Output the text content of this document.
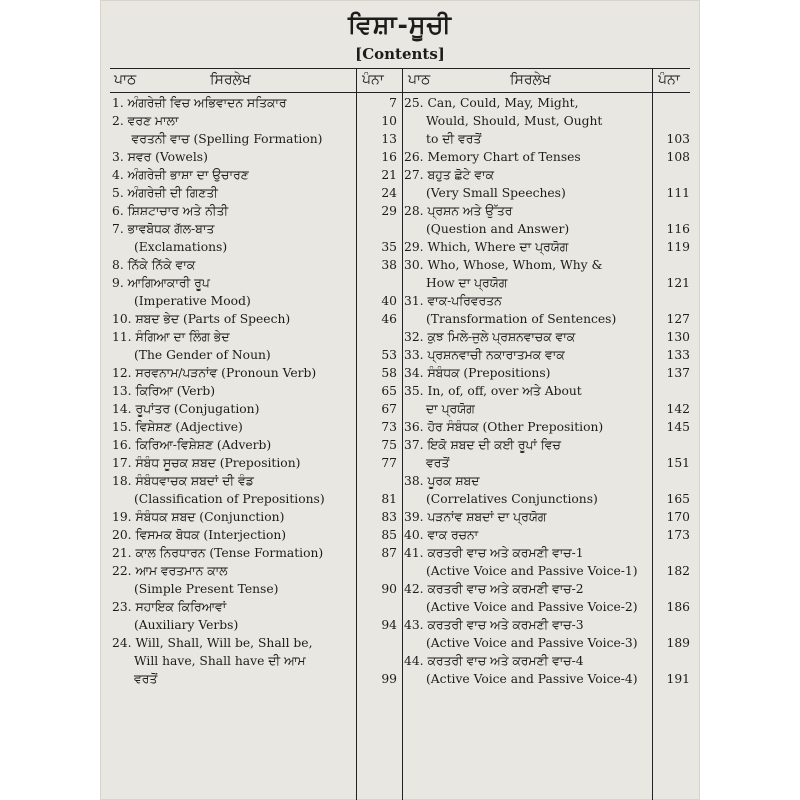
ਵਿਸ਼ਾ-ਸੂਚੀ
[Contents]
ਪਾਠ	ਸਿਰਲੇਖ	ਪੰਨਾ ਪਾਠ	ਸਿਰਲੇਖ	ਪੰਨਾ
1. ਅੰਗਰੇਜ਼ੀ ਵਿਚ ਅਭਿਵਾਦਨ ਸਤਿਕਾਰ	7
2. ਵਰਣ ਮਾਲਾ	10
ਵਰਤਨੀ ਵਾਚ (Spelling Formation)	13
3. ਸਵਰ (Vowels)	16
4. ਅੰਗਰੇਜ਼ੀ ਭਾਸ਼ਾ ਦਾ ਉਚਾਰਣ	21
5. ਅੰਗਰੇਜ਼ੀ ਦੀ ਗਿਣਤੀ	24
6. ਸ਼ਿਸ਼ਟਾਚਾਰ ਅਤੇ ਨੀਤੀ	29
7. ਭਾਵਬੋਧਕ ਗੱਲ-ਬਾਤ
(Exclamations)	35
8. ਨਿੱਕੇ ਨਿੱਕੇ ਵਾਕ	38
9. ਆਗਿਆਕਾਰੀ ਰੂਪ
(Imperative Mood)	40
10. ਸ਼ਬਦ ਭੇਦ (Parts of Speech)	46
11. ਸੰਗਿਆ ਦਾ ਲਿੰਗ ਭੇਦ
(The Gender of Noun)	53
12. ਸਰਵਨਾਮ/ਪੜਨਾਂਵ (Pronoun Verb)	58
13. ਕਿਰਿਆ (Verb)	65
14. ਰੂਪਾਂਤਰ (Conjugation)	67
15. ਵਿਸ਼ੇਸ਼ਣ (Adjective)	73
16. ਕਿਰਿਆ-ਵਿਸ਼ੇਸ਼ਣ (Adverb)	75
17. ਸੰਬੰਧ ਸੂਚਕ ਸ਼ਬਦ (Preposition)	77
18. ਸੰਬੰਧਵਾਚਕ ਸ਼ਬਦਾਂ ਦੀ ਵੰਡ
(Classification of Prepositions)	81
19. ਸੰਬੰਧਕ ਸ਼ਬਦ (Conjunction)	83
20. ਵਿਸਮਕ ਬੋਧਕ (Interjection)	85
21. ਕਾਲ ਨਿਰਧਾਰਨ (Tense Formation)	87
22. ਆਮ ਵਰਤਮਾਨ ਕਾਲ
(Simple Present Tense)	90
23. ਸਹਾਇਕ ਕਿਰਿਆਵਾਂ
(Auxiliary Verbs)	94
24. Will, Shall, Will be, Shall be,
Will have, Shall have ਦੀ ਆਮ
ਵਰਤੋਂ	99
25. Can, Could, May, Might,
Would, Should, Must, Ought
to ਦੀ ਵਰਤੋਂ	103
26. Memory Chart of Tenses	108
27. ਬਹੁਤ ਛੋਟੇ ਵਾਕ
(Very Small Speeches)	111
28. ਪ੍ਰਸ਼ਨ ਅਤੇ ਉੱਤਰ
(Question and Answer)	116
29. Which, Where ਦਾ ਪ੍ਰਯੋਗ	119
30. Who, Whose, Whom, Why &
How ਦਾ ਪ੍ਰਯੋਗ	121
31. ਵਾਕ-ਪਰਿਵਰਤਨ
(Transformation of Sentences)	127
32. ਕੁਝ ਮਿਲੇ-ਜੁਲੇ ਪ੍ਰਸ਼ਨਵਾਚਕ ਵਾਕ	130
33. ਪ੍ਰਸ਼ਨਵਾਚੀ ਨਕਾਰਾਤਮਕ ਵਾਕ	133
34. ਸੰਬੰਧਕ (Prepositions)	137
35. In, of, off, over ਅਤੇ About
ਦਾ ਪ੍ਰਯੋਗ	142
36. ਹੋਰ ਸੰਬੰਧਕ (Other Preposition)	145
37. ਇਕੋ ਸ਼ਬਦ ਦੀ ਕਈ ਰੂਪਾਂ ਵਿਚ
ਵਰਤੋਂ	151
38. ਪੂਰਕ ਸ਼ਬਦ
(Correlatives Conjunctions)	165
39. ਪੜਨਾਂਵ ਸ਼ਬਦਾਂ ਦਾ ਪ੍ਰਯੋਗ	170
40. ਵਾਕ ਰਚਨਾ	173
41. ਕਰਤਰੀ ਵਾਚ ਅਤੇ ਕਰਮਣੀ ਵਾਚ-1
(Active Voice and Passive Voice-1)	182
42. ਕਰਤਰੀ ਵਾਚ ਅਤੇ ਕਰਮਣੀ ਵਾਚ-2
(Active Voice and Passive Voice-2)	186
43. ਕਰਤਰੀ ਵਾਚ ਅਤੇ ਕਰਮਣੀ ਵਾਚ-3
(Active Voice and Passive Voice-3)	189
44. ਕਰਤਰੀ ਵਾਚ ਅਤੇ ਕਰਮਣੀ ਵਾਚ-4
(Active Voice and Passive Voice-4)	191
